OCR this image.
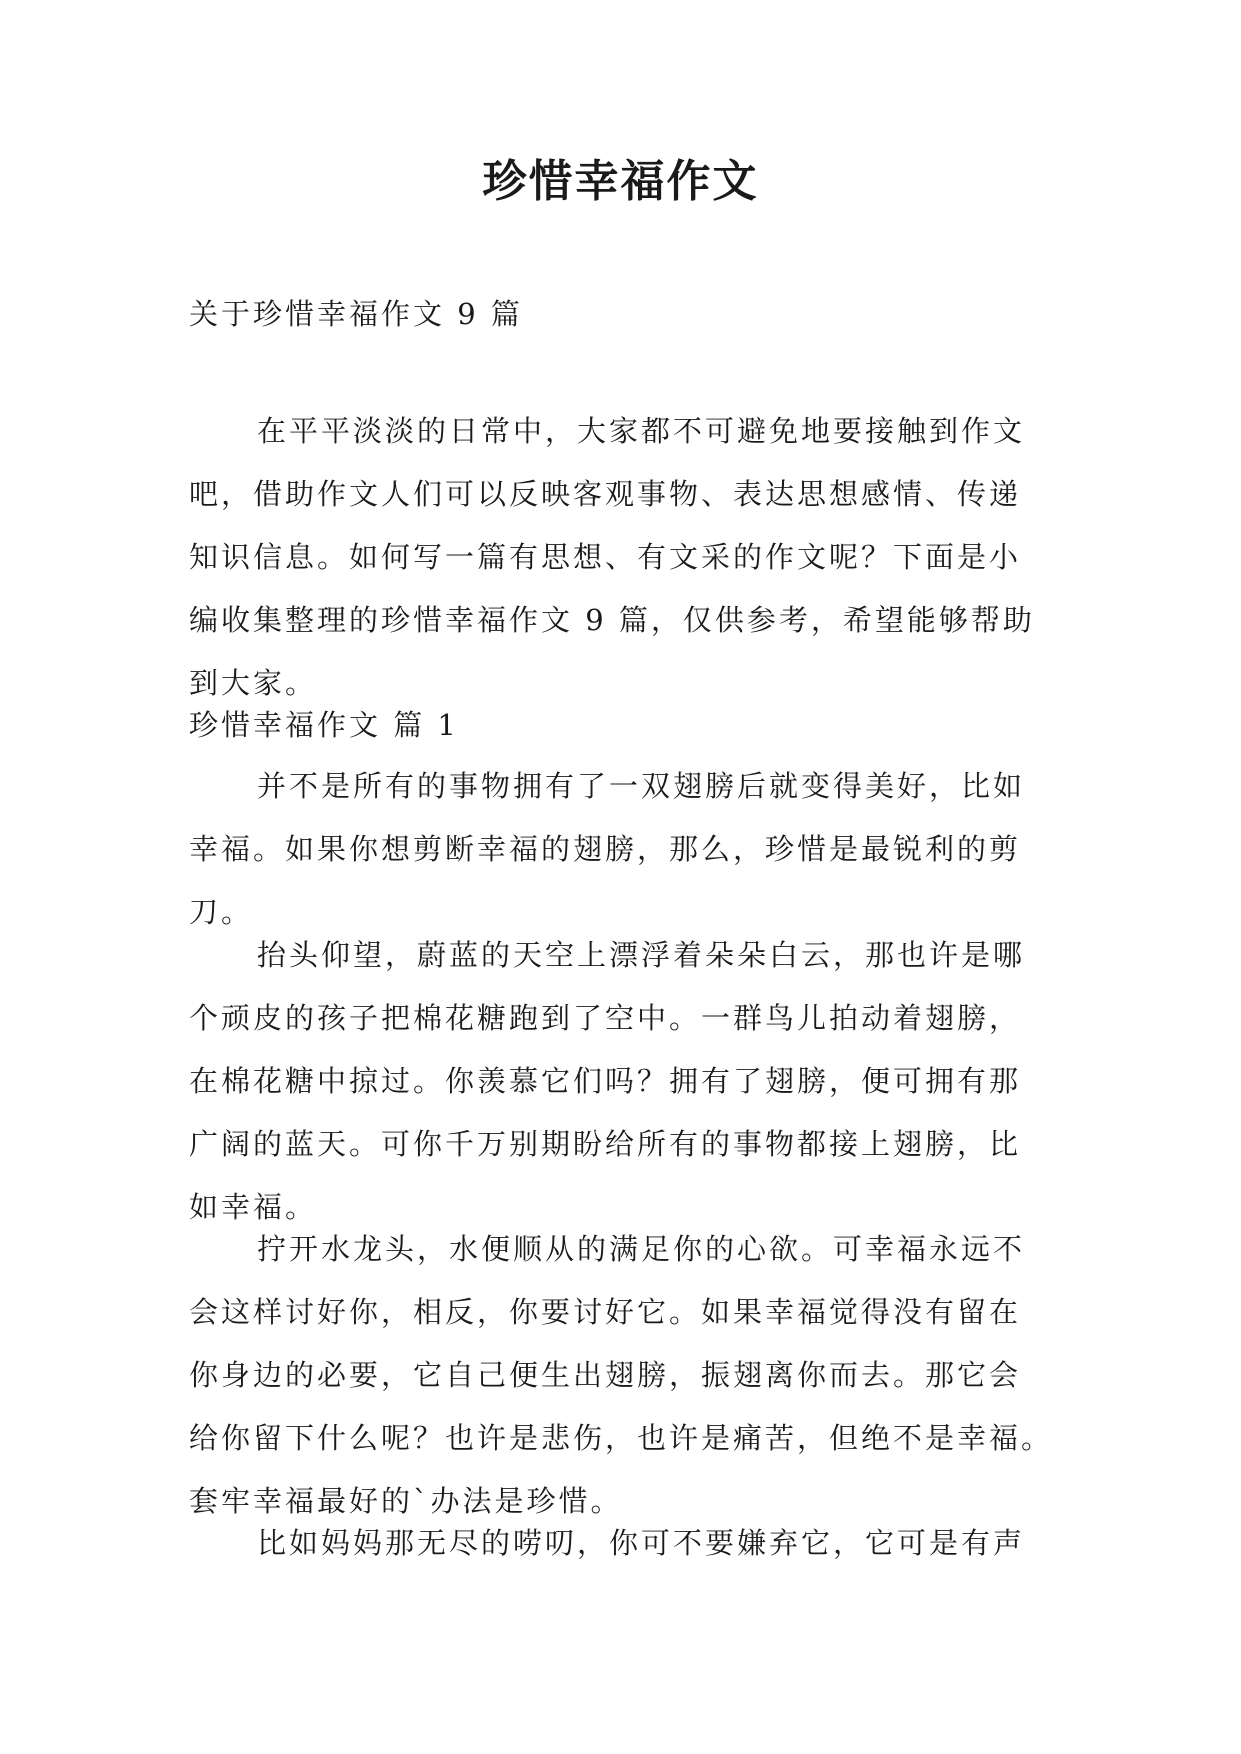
珍惜幸福作文
关于珍惜幸福作文 9 篇
在平平淡淡的日常中，大家都不可避免地要接触到作文
吧，借助作文人们可以反映客观事物、表达思想感情、传递
知识信息。如何写一篇有思想、有文采的作文呢？下面是小
编收集整理的珍惜幸福作文 9 篇，仅供参考，希望能够帮助
到大家。
珍惜幸福作文 篇 1
并不是所有的事物拥有了一双翅膀后就变得美好，比如
幸福。如果你想剪断幸福的翅膀，那么，珍惜是最锐利的剪
刀。
抬头仰望，蔚蓝的天空上漂浮着朵朵白云，那也许是哪
个顽皮的孩子把棉花糖跑到了空中。一群鸟儿拍动着翅膀，
在棉花糖中掠过。你羡慕它们吗？拥有了翅膀，便可拥有那
广阔的蓝天。可你千万别期盼给所有的事物都接上翅膀，比
如幸福。
拧开水龙头，水便顺从的满足你的心欲。可幸福永远不
会这样讨好你，相反，你要讨好它。如果幸福觉得没有留在
你身边的必要，它自己便生出翅膀，振翅离你而去。那它会
给你留下什么呢？也许是悲伤，也许是痛苦，但绝不是幸福。
套牢幸福最好的`办法是珍惜。
比如妈妈那无尽的唠叨，你可不要嫌弃它，它可是有声
